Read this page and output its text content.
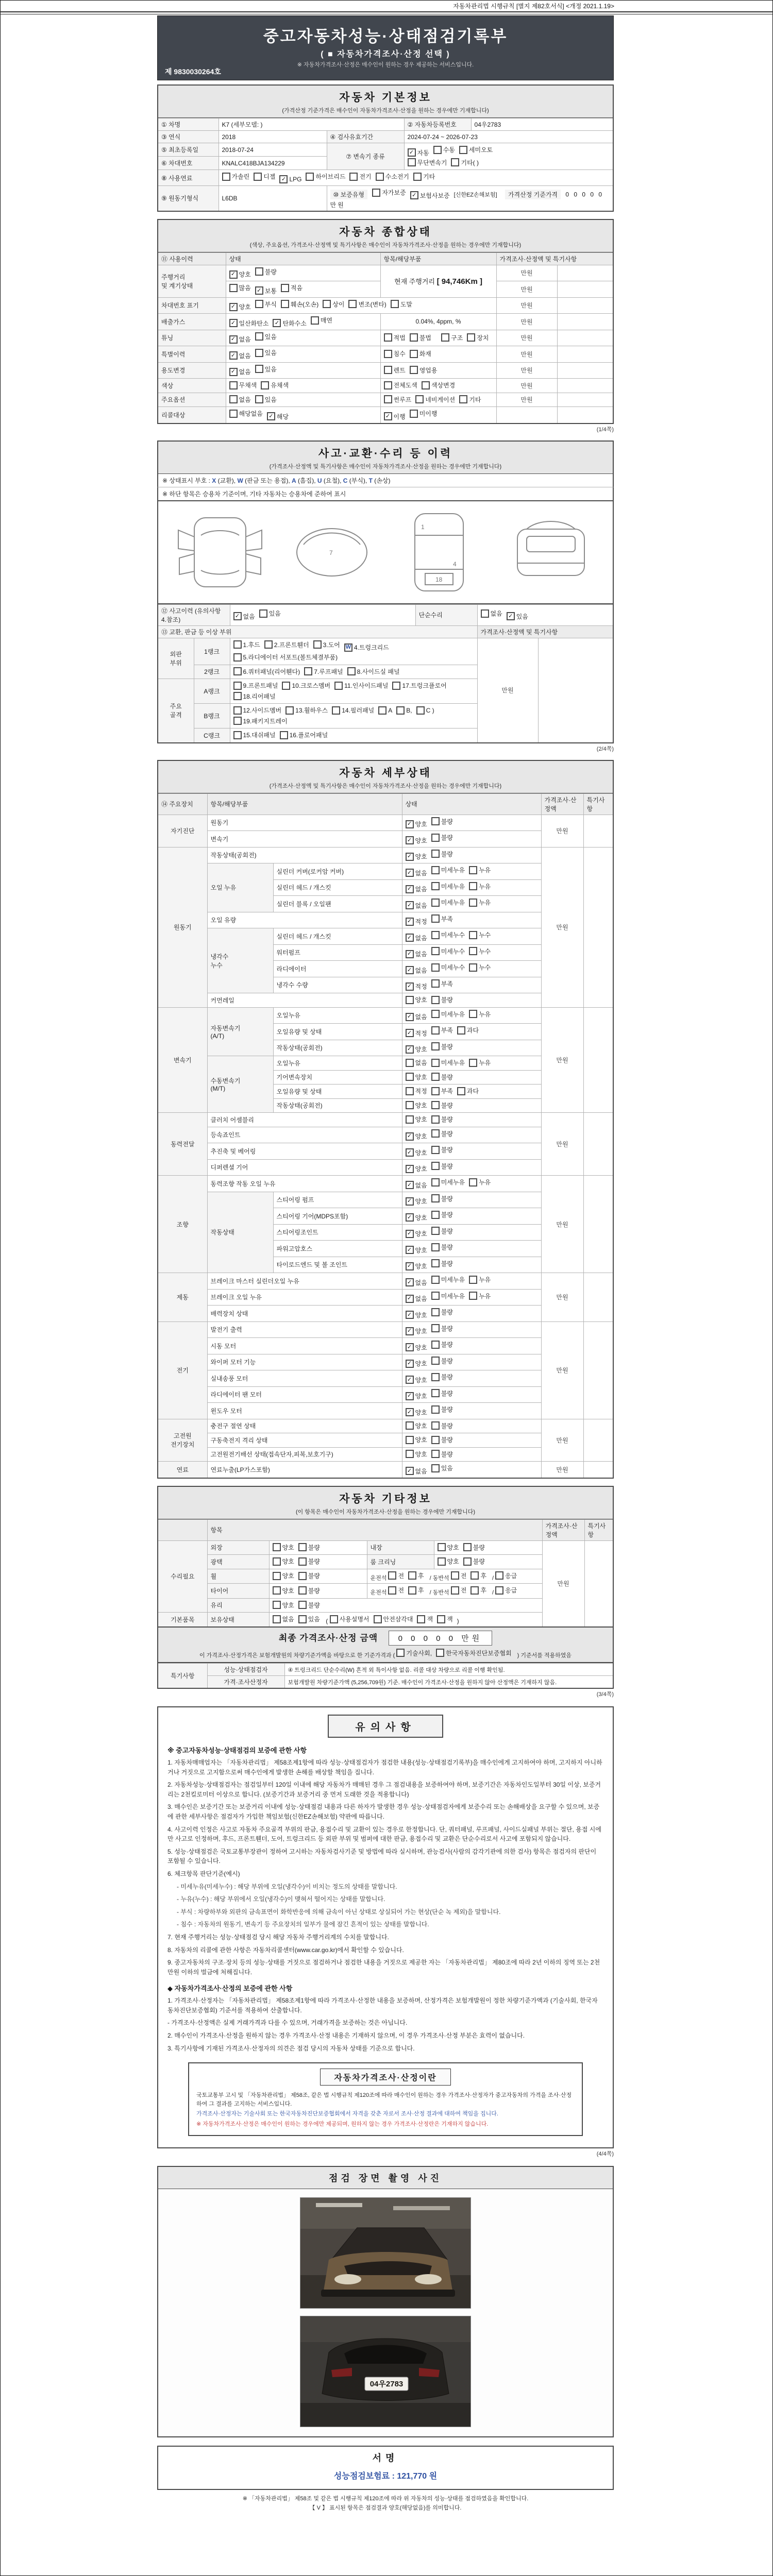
자동차관리법 시행규칙 [별지 제82호서식] <개정 2021.1.19>
중고자동차성능·상태점검기록부
( ■ 자동차가격조사·산정 선택 )
※ 자동차가격조사·산정은 매수인이 원하는 경우 제공하는 서비스입니다.
제 9830030264호
자동차 기본정보

(가격산정 기준가격은 매수인이 자동차가격조사·산정을 원하는 경우에만 기재합니다)

① 차명	K7 (세부모델: )		② 자동차등록번호	04우2783
③ 연식	2018	④ 검사유효기간	2024-07-24 ~ 2026-07-23	
⑤ 최초등록일	2018-07-24	⑦ 변속기 종류	
✓ 자동 수동 세미오토

무단변속기 기타( )

⑥ 차대번호	KNALC418BJA134229			
⑧ 사용연료	가솔린 디젤	✓ LPG 하이브리드 전기 수소전기 기타

⑨ 원동기형식	L6DB	⑩ 보증유형 자가보증 ✓ 보험사보증 [신한EZ손해보험] 가격산정 기준가격 0 0 0 0 0 만원		
자동차 종합상태

(색상, 주요옵션, 가격조사·산정액 및 특기사항은 매수인이 자동차가격조사·산정을 원하는 경우에만 기재합니다)

⑪ 사용이력	상태	항목/해당부품	가격조사·산정액 및 특기사항	
주행거리
및 계기상태	✓ 양호 불량	현재 주행거리 [ 94,746Km ]	만원	

	많음 ✓ 보통 적음		만원	
차대번호 표기	✓ 양호 부식 훼손(오손) 상이 변조(변타) 도말	만원	
배출가스	✓ 일산화탄소 ✓ 탄화수소 매연	0.04%, 4ppm, %	만원	
튜닝	✓ 없음 있음	적법 불법 구조 장치	만원	
특별이력	✓ 없음 있음	침수 화재	만원	
용도변경	✓ 없음 있음	렌트 영업용	만원	
색상	무채색 유채색	전체도색 색상변경	만원	
주요옵션	없음 있음	썬루프 네비게이션 기타	만원	
리콜대상	해당없음 ✓ 해당	✓ 이행 미이행		

(1/4쪽)
사고·교환·수리 등 이력

(가격조사·산정액 및 특기사항은 매수인이 자동차가격조사·산정을 원하는 경우에만 기재합니다)

※ 상태표시 부호 : X (교환), W (판금 또는 용접), A (흠집), U (요철), C (부식), T (손상)
※ 하단 항목은 승용차 기준이며, 기타 자동차는 승용차에 준하여 표시
7
1
4
18
⑫ 사고이력 (유의사항 4.참조)		✓ 없음 있음	단순수리	없음 ✓ 있음	

⑬ 교환, 판금 등 이상 부위				가격조사·산정액 및 특기사항	
외판
부위	1랭크	
1.후드 2.프론트휀더 3.도어 W 4.트렁크리드

5.라디에이터 서포트(볼트체결부품)
	만원	
	2랭크	6.쿼터패널(리어휀다) 7.루프패널 8.사이드실 패널			

주요
골격	A랭크	9.프론트패널 10.크로스멤버 11.인사이드패널 17.트렁크플로어

18.리어패널			

B랭크	
12.사이드멤버 13.휠하우스 14.필러패널 A B, C )

19.패키지트레이

	C랭크	15.대쉬패널 16.플로어패널			
(2/4쪽)
자동차 세부상태

(가격조사·산정액 및 특기사항은 매수인이 자동차가격조사·산정을 원하는 경우에만 기재합니다)

⑭ 주요장치	항목/해당부품		상태	가격조사·산정액	특기사항
자기진단	원동기		✓ 양호 불량	만원	
	변속기		✓ 양호 불량		

원동기	작동상태(공회전)		✓ 양호 불량	만원	
	오일 누유	실린더 커버(로커암 커버)	✓ 없음 미세누유 누유		

		실린더 헤드 / 개스킷	✓ 없음 미세누유 누유		

		실린더 블록 / 오일팬	✓ 없음 미세누유 누유		

	오일 유량		✓ 적정 부족		

	냉각수
누수	실린더 헤드 / 개스킷	✓ 없음 미세누수 누수		

		워터펌프	✓ 없음 미세누수 누수		

		라디에이터	✓ 없음 미세누수 누수		

		냉각수 수량	✓ 적정 부족		

	커먼레일		양호 불량		

변속기	자동변속기
(A/T)	오일누유	✓ 없음 미세누유 누유	만원	
		오일유량 및 상태	✓ 적정 부족 과다		

		작동상태(공회전)	✓ 양호 불량		

	수동변속기
(M/T)	오일누유	없음 미세누유 누유		

		기어변속장치	양호 불량		

		오일유량 및 상태	적정 부족 과다		

		작동상태(공회전)	양호 불량		

동력전달	클러치 어셈블리		양호 불량	만원	
	등속죠인트		✓ 양호 불량		

	추진축 및 베어링		✓ 양호 불량		

	디퍼렌셜 기어		✓ 양호 불량		

조향	동력조향 작동 오일 누유		✓ 없음 미세누유 누유	만원	
	작동상태	스티어링 펌프	✓ 양호 불량		

		스티어링 기어(MDPS포함)	✓ 양호 불량		

		스티어링조인트	✓ 양호 불량		

		파워고압호스	✓ 양호 불량		

		타이로드엔드 및 볼 조인트	✓ 양호 불량		

제동	브레이크 마스터 실린더오일 누유		✓ 없음 미세누유 누유	만원	
	브레이크 오일 누유		✓ 없음 미세누유 누유		

	배력장치 상태		✓ 양호 불량		

전기	발전기 출력		✓ 양호 불량	만원	
	시동 모터		✓ 양호 불량		

	와이퍼 모터 기능		✓ 양호 불량		

	실내송풍 모터		✓ 양호 불량		

	라디에이터 팬 모터		✓ 양호 불량		

	윈도우 모터		✓ 양호 불량		

고전원
전기장치	충전구 절연 상태		양호 불량	만원	
	구동축전지 격리 상태		양호 불량		

	고전원전기배선 상태(접속단자,피복,보호기구)		양호 불량		

연료	연료누출(LP가스포함)		✓ 없음 있음	만원	
자동차 기타정보

(이 항목은 매수인이 자동차가격조사·산정을 원하는 경우에만 기재합니다)

	항목				가격조사·산정액	특기사항
수리필요	외장	양호 불량	내장	양호 불량	만원	
	광택	양호 불량	룸 크리닝	양호 불량		

휠	양호 불량	운전석 전 후 / 동반석 전 후 / 응급

타이어	양호 불량	운전석 전 후 / 동반석 전 후 / 응급

	유리	양호 불량				

기본품목	보유상태	없음 있음 ( 사용설명서 안전삼각대 잭 잭 )
최종 가격조사·산정 금액	0 0 0 0 0 만원
이 가격조사·산정가격은 보험개발원의 차량기준가액을 바탕으로 한 기준가격과 ( 기술사회, 한국자동차진단보증협회 ) 기준서를 적용하였음
특기사항	성능·상태점검자	④ 트렁크리드 단순수리(W) 흔적 외 특이사항 없음. 리콜 대상 차량으로 리콜 이행 확인됨.
	가격·조사산정자	보험개발원 차량기준가액 (5,256,709원) 기준. 매수인이 가격조사·산정을 원하지 않아 산정액은 기재하지 않음.
(3/4쪽)
유의사항
※ 중고자동차성능·상태점검의 보증에 관한 사항

1. 자동차매매업자는 「자동차관리법」 제58조제1항에 따라 성능·상태점검자가 점검한 내용(성능·상태점검기록부)을 매수인에게 고지하여야 하며, 고지하지 아니하거나 거짓으로 고지함으로써 매수인에게 발생한 손해를 배상할 책임을 집니다.

2. 자동차성능·상태점검자는 점검일부터 120일 이내에 해당 자동차가 매매된 경우 그 점검내용을 보증하여야 하며, 보증기간은 자동차인도일부터 30일 이상, 보증거리는 2천킬로미터 이상으로 합니다. (보증기간과 보증거리 중 먼저 도래한 것을 적용합니다)

3. 매수인은 보증기간 또는 보증거리 이내에 성능·상태점검 내용과 다른 하자가 발생한 경우 성능·상태점검자에게 보증수리 또는 손해배상을 요구할 수 있으며, 보증에 관한 세부사항은 점검자가 가입한 책임보험(신한EZ손해보험) 약관에 따릅니다.

4. 사고이력 인정은 사고로 자동차 주요골격 부위의 판금, 용접수리 및 교환이 있는 경우로 한정합니다. 단, 쿼터패널, 루프패널, 사이드실패널 부위는 절단, 용접 시에만 사고로 인정하며, 후드, 프론트휀더, 도어, 트렁크리드 등 외판 부위 및 범퍼에 대한 판금, 용접수리 및 교환은 단순수리로서 사고에 포함되지 않습니다.

5. 성능·상태점검은 국토교통부장관이 정하여 고시하는 자동차검사기준 및 방법에 따라 실시하며, 관능검사(사람의 감각기관에 의한 검사) 항목은 점검자의 판단이 포함될 수 있습니다.

6. 체크항목 판단기준(예시)

- 미세누유(미세누수) : 해당 부위에 오일(냉각수)이 비치는 정도의 상태를 말합니다.

- 누유(누수) : 해당 부위에서 오일(냉각수)이 맺혀서 떨어지는 상태를 말합니다.

- 부식 : 차량하부와 외판의 금속표면이 화학반응에 의해 금속이 아닌 상태로 상실되어 가는 현상(단순 녹 제외)을 말합니다.

- 침수 : 자동차의 원동기, 변속기 등 주요장치의 일부가 물에 잠긴 흔적이 있는 상태를 말합니다.

7. 현재 주행거리는 성능·상태점검 당시 해당 자동차 주행거리계의 수치를 말합니다.

8. 자동차의 리콜에 관한 사항은 자동차리콜센터(www.car.go.kr)에서 확인할 수 있습니다.

9. 중고자동차의 구조·장치 등의 성능·상태를 거짓으로 점검하거나 점검한 내용을 거짓으로 제공한 자는 「자동차관리법」 제80조에 따라 2년 이하의 징역 또는 2천만원 이하의 벌금에 처해집니다.

◆ 자동차가격조사·산정의 보증에 관한 사항

1. 가격조사·산정자는 「자동차관리법」 제58조제1항에 따라 가격조사·산정한 내용을 보증하며, 산정가격은 보험개발원이 정한 차량기준가액과 (기술사회, 한국자동차진단보증협회) 기준서를 적용하여 산출합니다.

- 가격조사·산정액은 실제 거래가격과 다를 수 있으며, 거래가격을 보증하는 것은 아닙니다.

2. 매수인이 가격조사·산정을 원하지 않는 경우 가격조사·산정 내용은 기재하지 않으며, 이 경우 가격조사·산정 부분은 효력이 없습니다.

3. 특기사항에 기재된 가격조사·산정자의 의견은 점검 당시의 자동차 상태를 기준으로 합니다.

자동차가격조사·산정이란

국토교통부 고시 및 「자동차관리법」 제58조, 같은 법 시행규칙 제120조에 따라 매수인이 원하는 경우 가격조사·산정자가 중고자동차의 가격을 조사·산정하여 그 결과를 고지하는 서비스입니다.

가격조사·산정자는 기술사회 또는 한국자동차진단보증협회에서 자격을 갖춘 자로서 조사·산정 결과에 대하여 책임을 집니다.

※ 자동차가격조사·산정은 매수인이 원하는 경우에만 제공되며, 원하지 않는 경우 가격조사·산정란은 기재하지 않습니다.

(4/4쪽)
점검 장면 촬영 사진
04우2783
서명
성능점검보험료 : 121,770 원

※ 「자동차관리법」 제58조 및 같은 법 시행규칙 제120조에 따라 위 자동차의 성능·상태를 점검하였음을 확인합니다.

【 V 】 표시된 항목은 점검결과 양호(해당없음)를 의미합니다.
